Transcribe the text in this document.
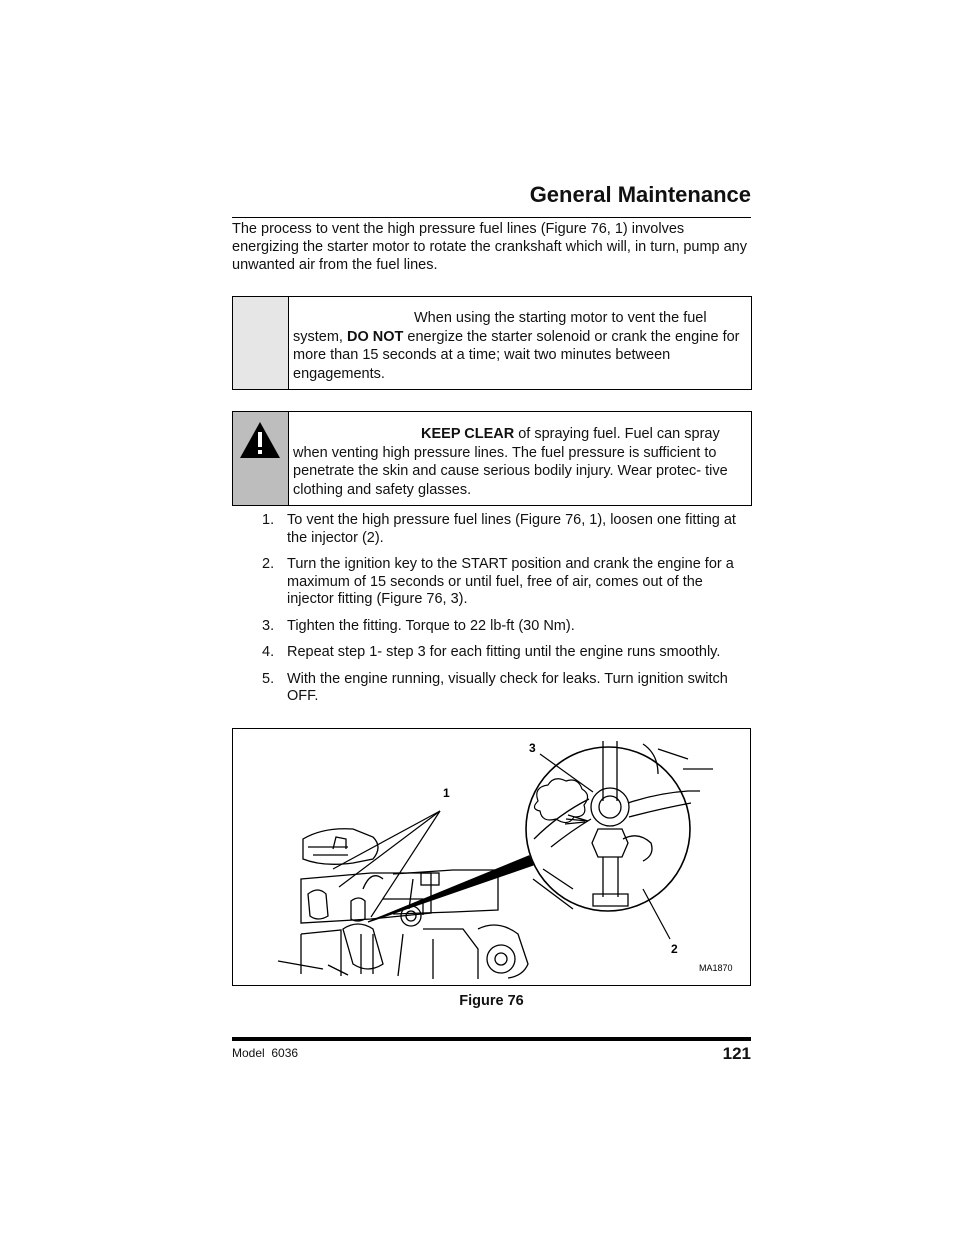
General Maintenance
The process to vent the high pressure fuel lines (Figure 76, 1) involves energizing the starter motor to rotate the crankshaft which will, in turn, pump any unwanted air from the fuel lines.
When using the starting motor to vent the fuel system, DO NOT energize the starter solenoid or crank the engine for more than 15 seconds at a time; wait two minutes between engagements.
KEEP CLEAR of spraying fuel. Fuel can spray when venting high pressure lines. The fuel pressure is sufficient to penetrate the skin and cause serious bodily injury. Wear protec- tive clothing and safety glasses.
1. To vent the high pressure fuel lines (Figure 76, 1), loosen one fitting at the injector (2).
2. Turn the ignition key to the START position and crank the engine for a maximum of 15 seconds or until fuel, free of air, comes out of the injector fitting (Figure 76, 3).
3. Tighten the fitting. Torque to 22 lb-ft (30 Nm).
4. Repeat step 1- step 3 for each fitting until the engine runs smoothly.
5. With the engine running, visually check for leaks. Turn ignition switch OFF.
1
3
2
MA1870
Figure 76
Model  6036	121
